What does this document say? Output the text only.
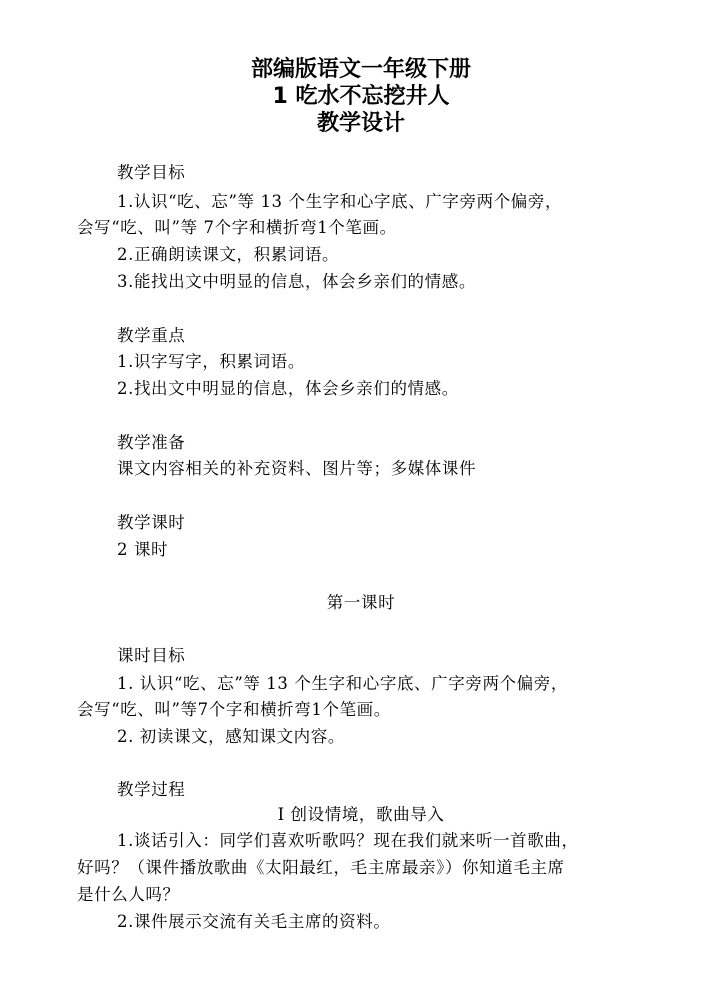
部编版语文一年级下册
1 吃水不忘挖井人
教学设计
教学目标
1.认识“吃、忘”等 13 个生字和心字底、广字旁两个偏旁，
会写“吃、叫”等 7个字和横折弯1个笔画。
2.正确朗读课文，积累词语。
3.能找出文中明显的信息，体会乡亲们的情感。
教学重点
1.识字写字，积累词语。
2.找出文中明显的信息，体会乡亲们的情感。
教学准备
课文内容相关的补充资料、图片等；多媒体课件
教学课时
2 课时
第一课时
课时目标
1. 认识“吃、忘”等 13 个生字和心字底、广字旁两个偏旁，
会写“吃、叫”等7个字和横折弯1个笔画。
2. 初读课文，感知课文内容。
教学过程
Ⅰ 创设情境，歌曲导入
1.谈话引入：同学们喜欢听歌吗？现在我们就来听一首歌曲，
好吗？（课件播放歌曲《太阳最红，毛主席最亲》）你知道毛主席
是什么人吗？
2.课件展示交流有关毛主席的资料。
